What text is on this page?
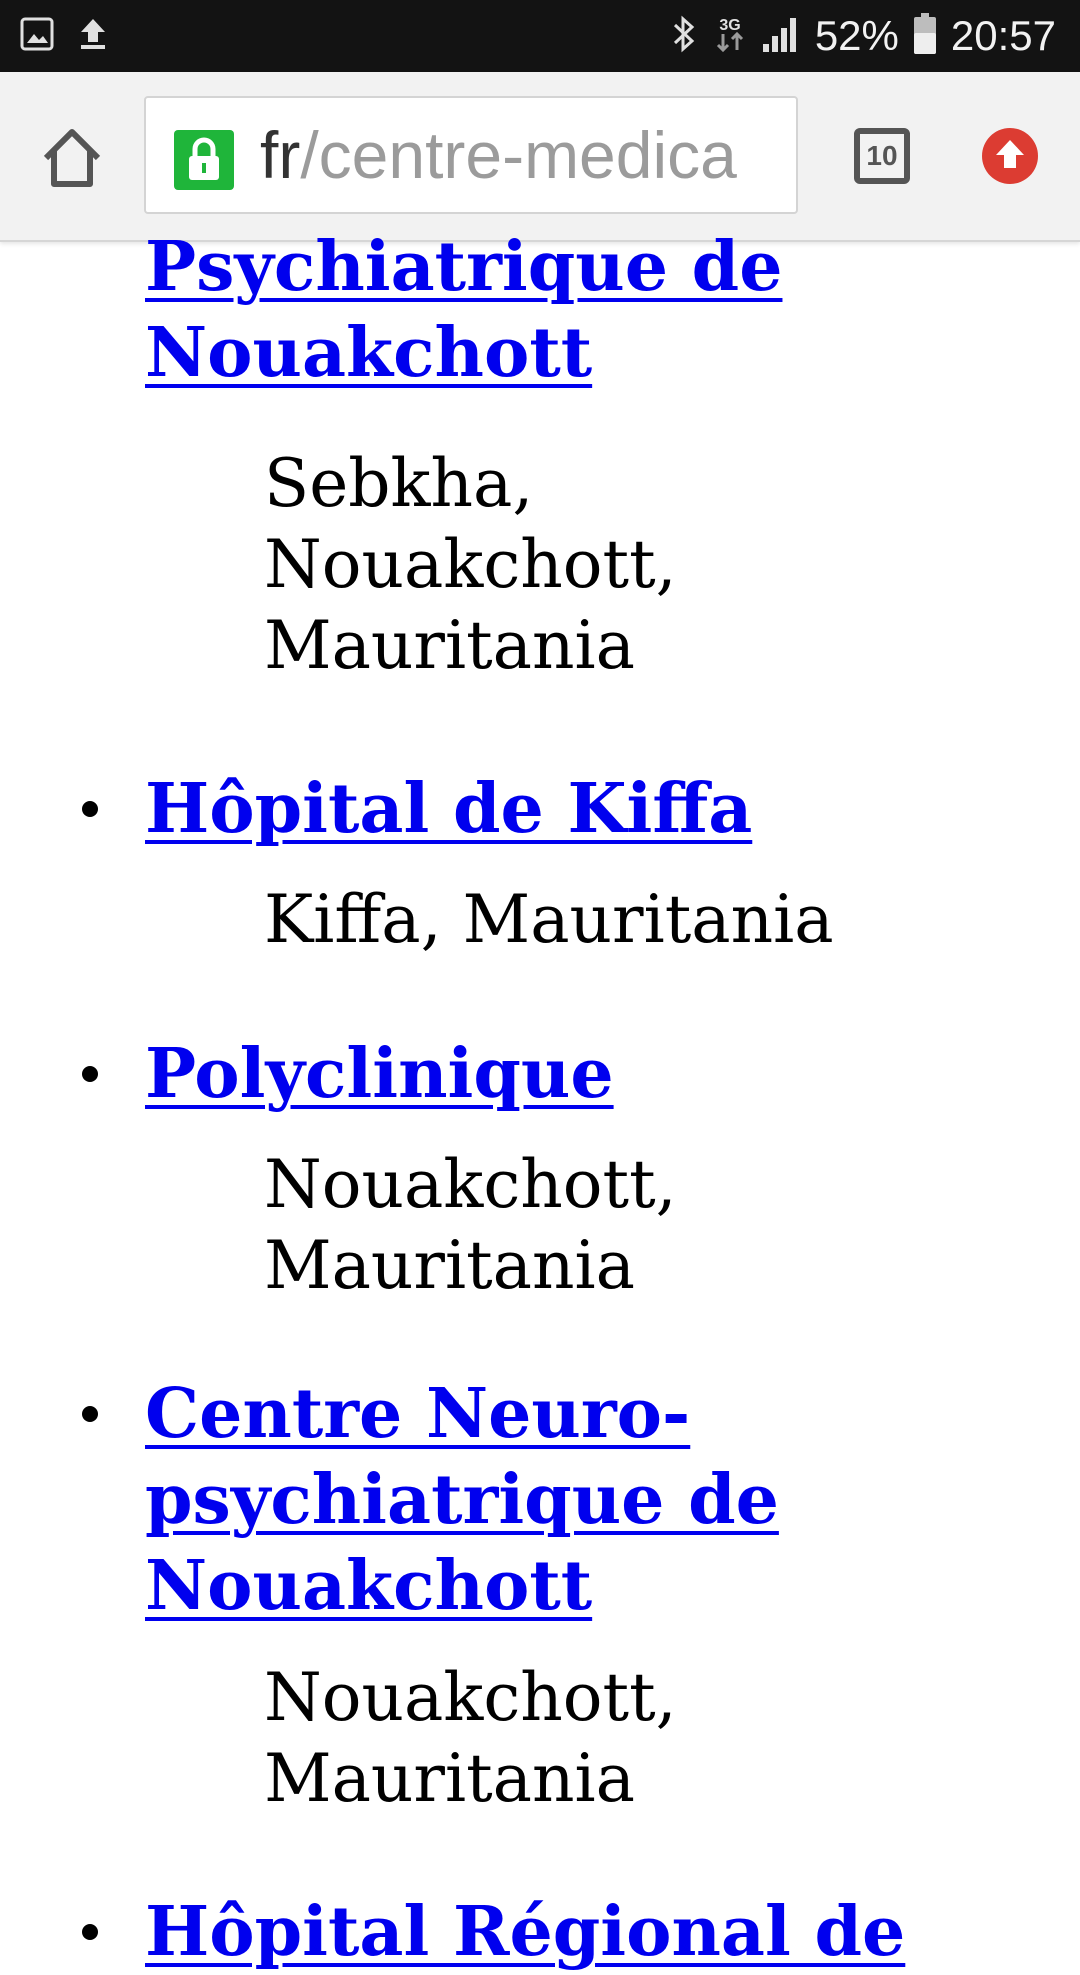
3G 52% 20:57
fr/centre-medica	10
Psychiatrique de
Nouakchott
Sebkha,
Nouakchott,
Mauritania
Hôpital de Kiffa
Kiffa, Mauritania
Polyclinique
Nouakchott,
Mauritania
Centre Neuro-
psychiatrique de
Nouakchott
Nouakchott,
Mauritania
Hôpital Régional de
